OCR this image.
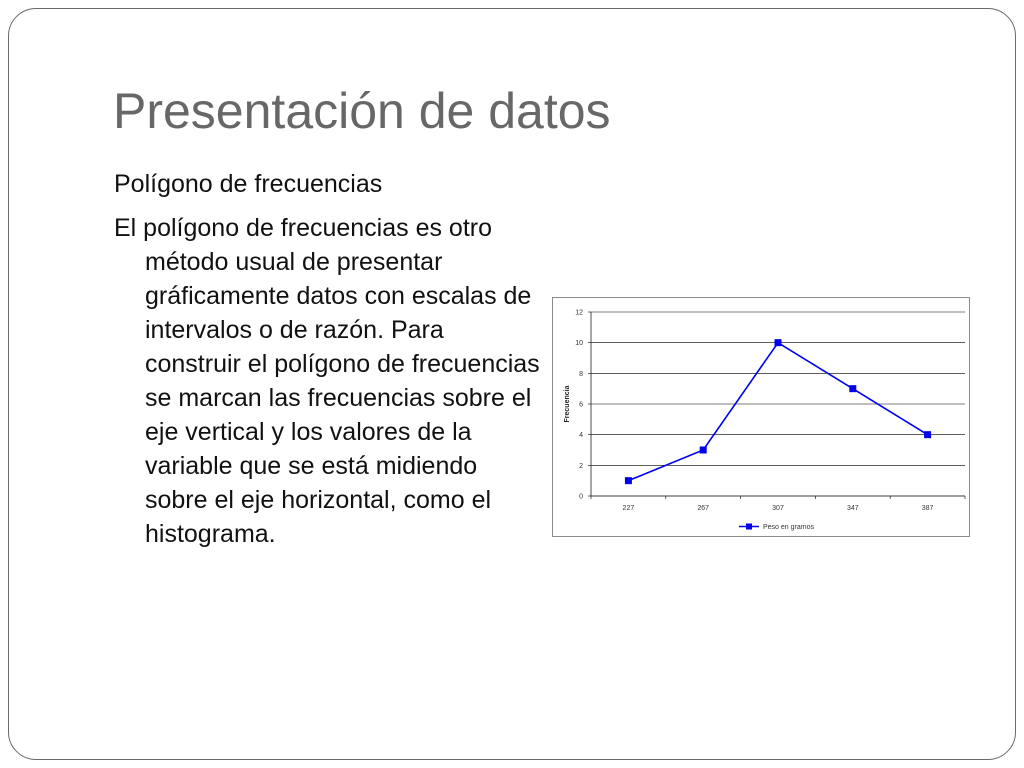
Presentación de datos
Polígono de frecuencias

El polígono de frecuencias es otro método usual de presentar gráficamente datos con escalas de intervalos o de razón. Para construir el polígono de frecuencias se marcan las frecuencias sobre el eje vertical y los valores de la variable que se está midiendo sobre el eje horizontal, como el histograma.

0
2
4
6
8
10
12
227	267	307	347	387
Frecuencia
Peso en gramos
